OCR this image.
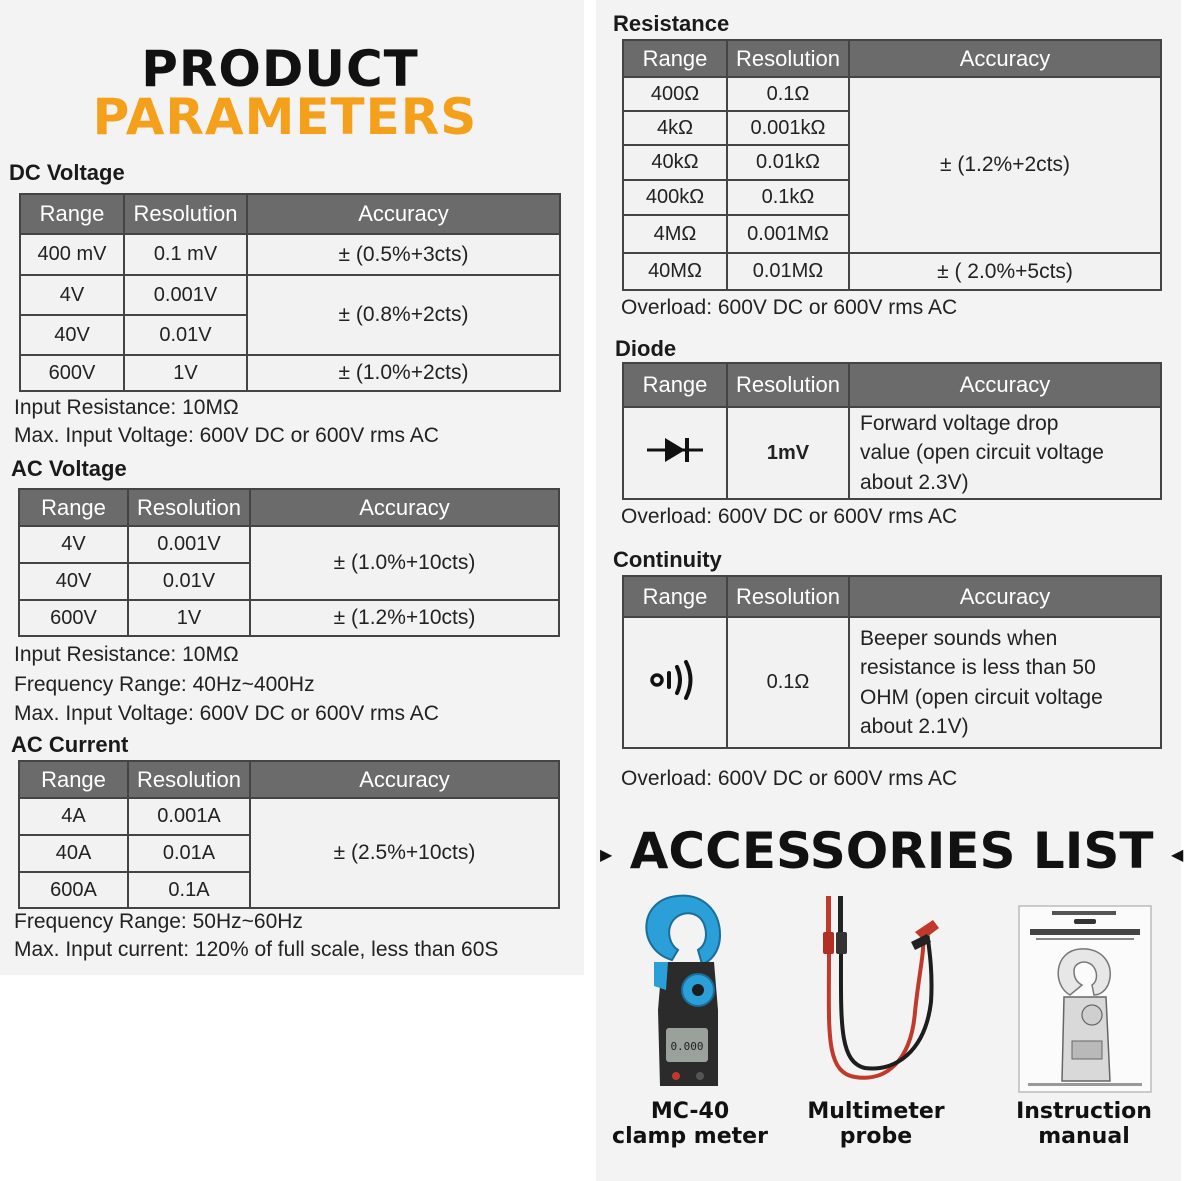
PRODUCT
PARAMETERS
DC Voltage
Range	Resolution	Accuracy
400 mV	0.1 mV	± (0.5%+3cts)
4V	0.001V	± (0.8%+2cts)
40V	0.01V	
600V	1V	± (1.0%+2cts)
Input Resistance: 10MΩ
Max. Input Voltage: 600V DC or 600V rms AC
AC Voltage
Range	Resolution	Accuracy
4V	0.001V	± (1.0%+10cts)
40V	0.01V	
600V	1V	± (1.2%+10cts)
Input Resistance: 10MΩ
Frequency Range: 40Hz~400Hz
Max. Input Voltage: 600V DC or 600V rms AC
AC Current
Range	Resolution	Accuracy
4A	0.001A	± (2.5%+10cts)
40A	0.01A	
600A	0.1A	
Frequency Range: 50Hz~60Hz
Max. Input current: 120% of full scale, less than 60S
Resistance
Range	Resolution	Accuracy
400Ω	0.1Ω	± (1.2%+2cts)
4kΩ	0.001kΩ	
40kΩ	0.01kΩ	
400kΩ	0.1kΩ	
4MΩ	0.001MΩ	
40MΩ	0.01MΩ	± ( 2.0%+5cts)
Overload: 600V DC or 600V rms AC
Diode
Range	Resolution	Accuracy
	1mV	Forward voltage drop
value (open circuit voltage
about 2.3V)
Overload: 600V DC or 600V rms AC
Continuity
Range	Resolution	Accuracy
	0.1Ω	Beeper sounds when
resistance is less than 50
OHM (open circuit voltage
about 2.1V)
Overload: 600V DC or 600V rms AC
▶ ACCESSORIES LIST ◀
0.000
MC-40
clamp meter
Multimeter
probe
Instruction
manual
